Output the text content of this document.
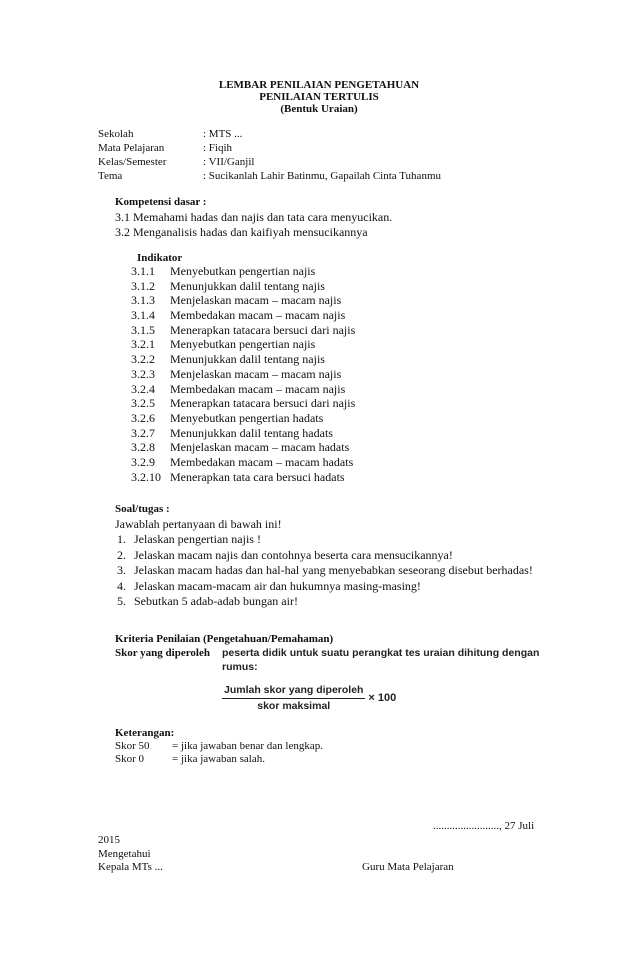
LEMBAR PENILAIAN PENGETAHUAN
PENILAIAN TERTULIS
(Bentuk Uraian)
Sekolah	: MTS ...
Mata Pelajaran	: Fiqih
Kelas/Semester	: VII/Ganjil
Tema	: Sucikanlah Lahir Batinmu, Gapailah Cinta Tuhanmu
Kompetensi dasar :
3.1 Memahami hadas dan najis dan tata cara menyucikan.
3.2 Menganalisis hadas dan kaifiyah mensucikannya
Indikator
3.1.1 Menyebutkan pengertian najis
3.1.2 Menunjukkan dalil tentang najis
3.1.3 Menjelaskan macam – macam najis
3.1.4 Membedakan macam – macam najis
3.1.5 Menerapkan tatacara bersuci dari najis
3.2.1 Menyebutkan pengertian najis
3.2.2 Menunjukkan dalil tentang najis
3.2.3 Menjelaskan macam – macam najis
3.2.4 Membedakan macam – macam najis
3.2.5 Menerapkan tatacara bersuci dari najis
3.2.6 Menyebutkan pengertian hadats
3.2.7 Menunjukkan dalil tentang hadats
3.2.8 Menjelaskan macam – macam hadats
3.2.9 Membedakan macam – macam hadats
3.2.10 Menerapkan tata cara bersuci hadats
Soal/tugas :
Jawablah pertanyaan di bawah ini!
1. Jelaskan pengertian najis !
2. Jelaskan macam najis dan contohnya beserta cara mensucikannya!
3. Jelaskan macam hadas dan hal-hal yang menyebabkan seseorang disebut berhadas!
4. Jelaskan macam-macam air dan hukumnya masing-masing!
5. Sebutkan 5 adab-adab bungan air!
Kriteria Penilaian (Pengetahuan/Pemahaman)
Skor yang diperoleh peserta didik untuk suatu perangkat tes uraian dihitung dengan
rumus:
$\frac{\text{Jumlah skor yang diperoleh}}{\text{skor maksimal}} \times 100$
Keterangan:
Skor 50 = jika jawaban benar dan lengkap.
Skor 0	= jika jawaban salah.
........................, 27 Juli
2015
Mengetahui
Kepala MTs ...	Guru Mata Pelajaran
